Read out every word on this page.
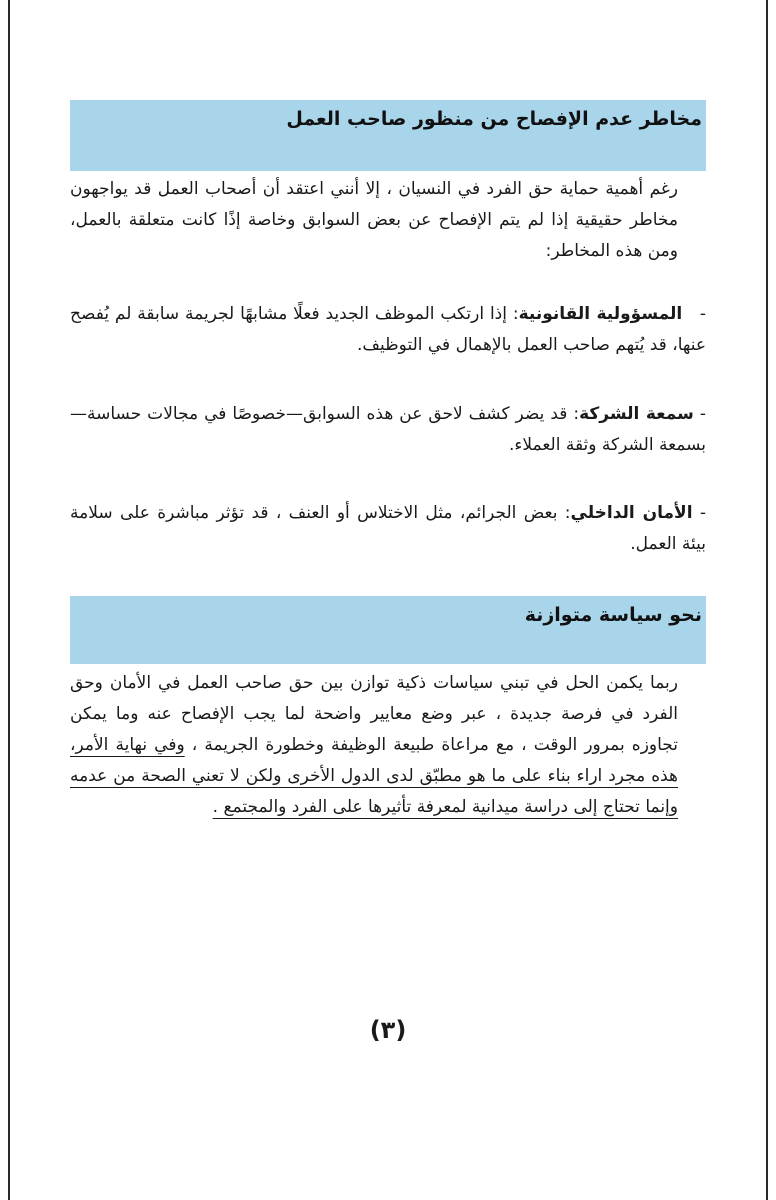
مخاطر عدم الإفصاح من منظور صاحب العمل

رغم أهمية حماية حق الفرد في النسيان ، إلا أنني اعتقد أن أصحاب العمل قد يواجهون مخاطر حقيقية إذا لم يتم الإفصاح عن بعض السوابق وخاصة إذًا كانت متعلقة بالعمل، ومن هذه المخاطر:

-   المسؤولية القانونية: إذا ارتكب الموظف الجديد فعلًا مشابهًا لجريمة سابقة لم يُفصح عنها، قد يُتهم صاحب العمل بالإهمال في التوظيف.

- سمعة الشركة: قد يضر كشف لاحق عن هذه السوابق—خصوصًا في مجالات حساسة—بسمعة الشركة وثقة العملاء.

- الأمان الداخلي: بعض الجرائم، مثل الاختلاس أو العنف ، قد تؤثر مباشرة على سلامة بيئة العمل.

نحو سياسة متوازنة

ربما يكمن الحل في تبني سياسات ذكية توازن بين حق صاحب العمل في الأمان وحق الفرد في فرصة جديدة ، عبر وضع معايير واضحة لما يجب الإفصاح عنه وما يمكن تجاوزه بمرور الوقت ، مع مراعاة طبيعة الوظيفة وخطورة الجريمة ، وفي نهاية الأمر، هذه مجرد اراء بناء على ما هو مطبّق لدى الدول الأخرى ولكن لا تعني الصحة من عدمه وإنما تحتاج إلى دراسة ميدانية لمعرفة تأثيرها على الفرد والمجتمع .

(٣)
